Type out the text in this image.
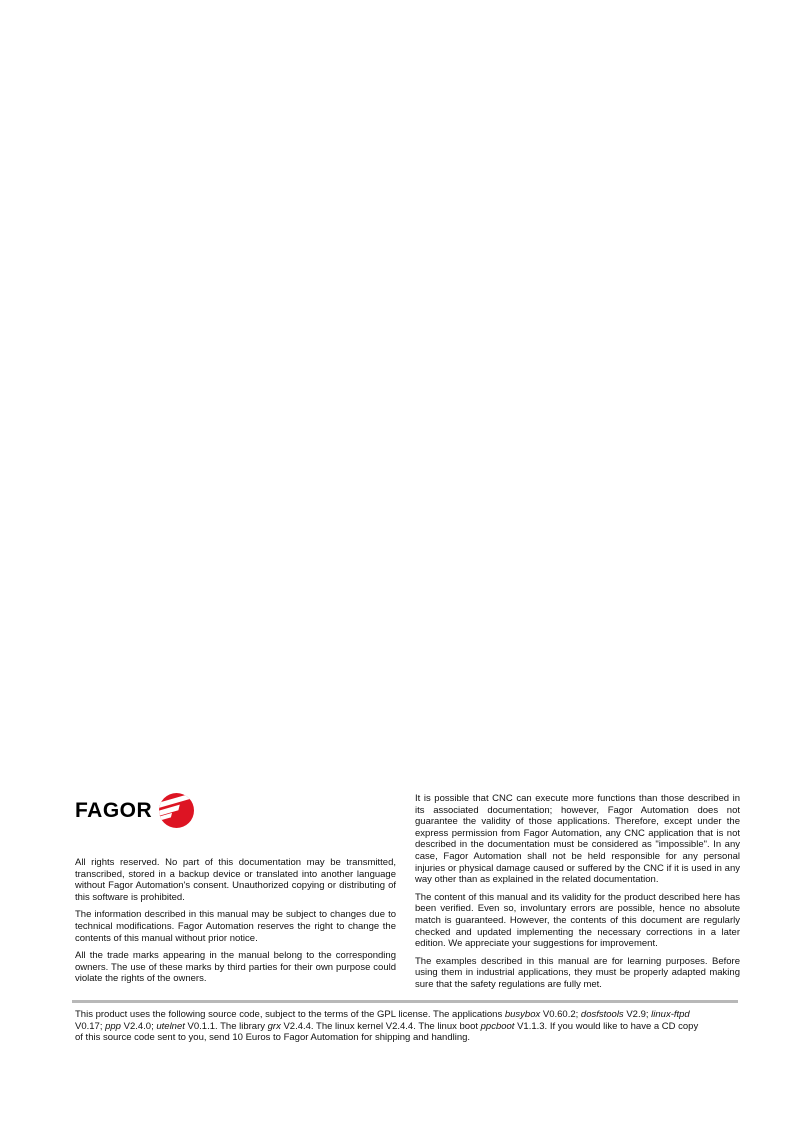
FAGOR

All rights reserved. No part of this documentation may be transmitted, transcribed, stored in a backup device or translated into another language without Fagor Automation's consent. Unauthorized copying or distributing of this software is prohibited.

The information described in this manual may be subject to changes due to technical modifications. Fagor Automation reserves the right to change the contents of this manual without prior notice.

All the trade marks appearing in the manual belong to the corresponding owners. The use of these marks by third parties for their own purpose could violate the rights of the owners.

It is possible that CNC can execute more functions than those described in its associated documentation; however, Fagor Automation does not guarantee the validity of those applications. Therefore, except under the express permission from Fagor Automation, any CNC application that is not described in the documentation must be considered as "impossible". In any case, Fagor Automation shall not be held responsible for any personal injuries or physical damage caused or suffered by the CNC if it is used in any way other than as explained in the related documentation.

The content of this manual and its validity for the product described here has been verified. Even so, involuntary errors are possible, hence no absolute match is guaranteed. However, the contents of this document are regularly checked and updated implementing the necessary corrections in a later edition. We appreciate your suggestions for improvement.

The examples described in this manual are for learning purposes. Before using them in industrial applications, they must be properly adapted making sure that the safety regulations are fully met.

This product uses the following source code, subject to the terms of the GPL license. The applications busybox V0.60.2; dosfstools V2.9; linux-ftpd V0.17; ppp V2.4.0; utelnet V0.1.1. The library grx V2.4.4. The linux kernel V2.4.4. The linux boot ppcboot V1.1.3. If you would like to have a CD copy of this source code sent to you, send 10 Euros to Fagor Automation for shipping and handling.
